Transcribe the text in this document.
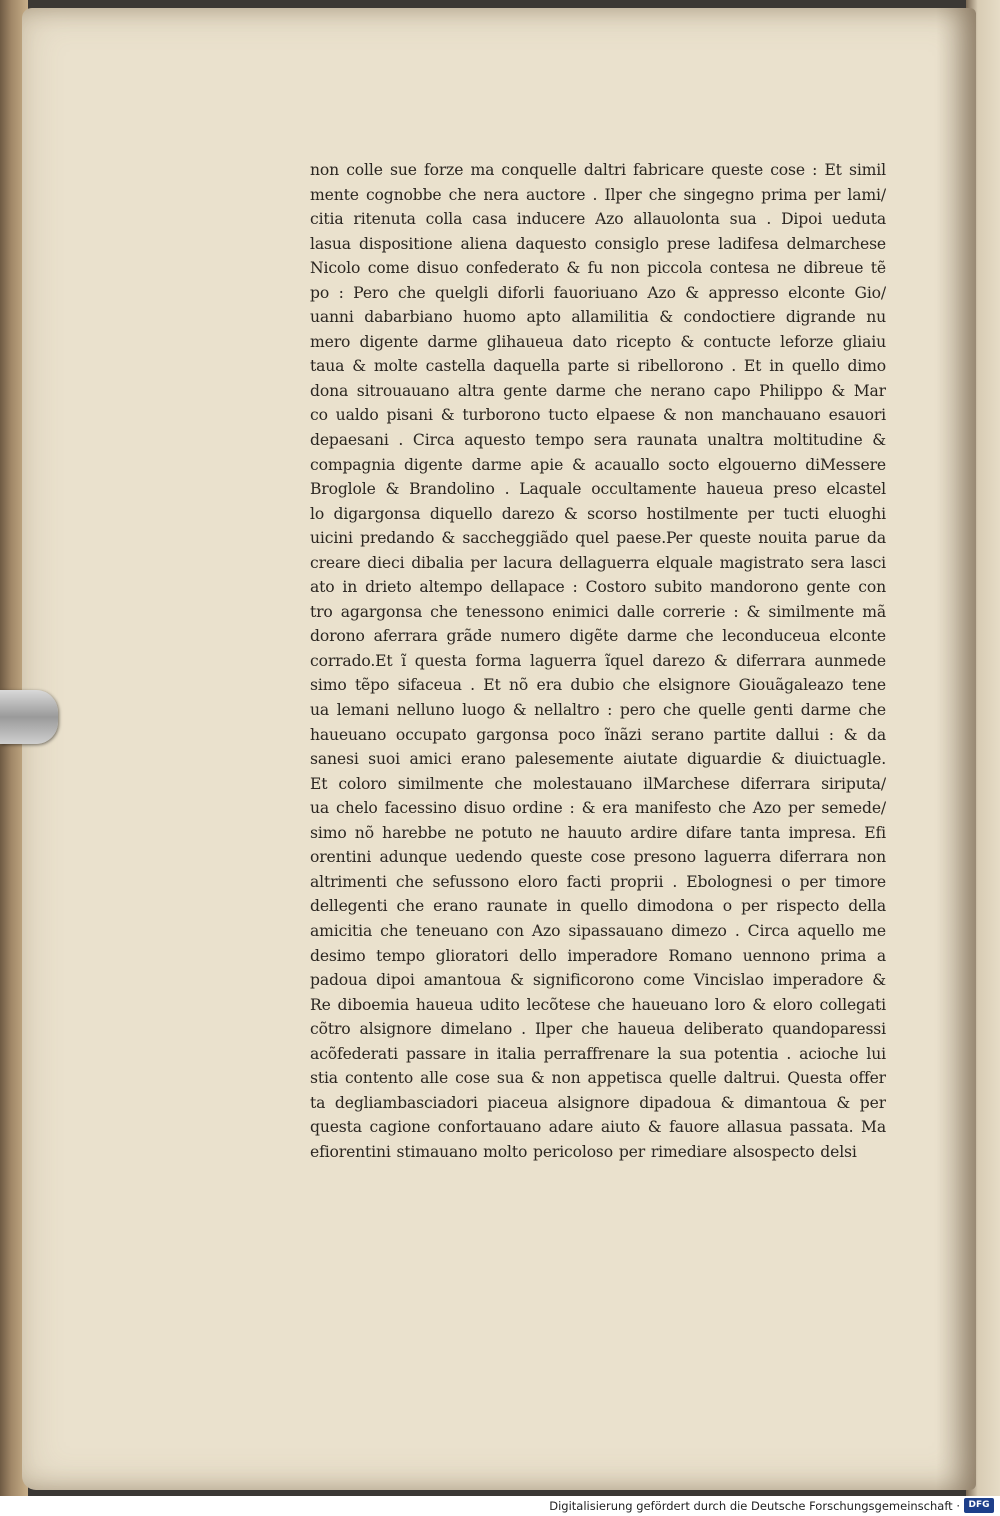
non colle sue forze ma conquelle daltri fabricare queste cose : Et simil
mente cognobbe che nera auctore . Ilper che singegno prima per lami/
citia ritenuta colla casa inducere Azo allauolonta sua . Dipoi ueduta
lasua dispositione aliena daquesto consiglo prese ladifesa delmarchese
Nicolo come disuo confederato & fu non piccola contesa ne dibreue tẽ
po : Pero che quelgli diforli fauoriuano Azo & appresso elconte Gio/
uanni dabarbiano huomo apto allamilitia & condoctiere digrande nu
mero digente darme glihaueua dato ricepto & contucte leforze gliaiu
taua & molte castella daquella parte si ribellorono . Et in quello dimo
dona sitrouauano altra gente darme che nerano capo Philippo & Mar
co ualdo pisani & turborono tucto elpaese & non manchauano esauori
depaesani . Circa aquesto tempo sera raunata unaltra moltitudine &
compagnia digente darme apie & acauallo socto elgouerno diMessere
Broglole & Brandolino . Laquale occultamente haueua preso elcastel
lo digargonsa diquello darezo & scorso hostilmente per tucti eluoghi
uicini predando & saccheggiãdo quel paese.Per queste nouita parue da
creare dieci dibalia per lacura dellaguerra elquale magistrato sera lasci
ato in drieto altempo dellapace : Costoro subito mandorono gente con
tro agargonsa che tenessono enimici dalle correrie : & similmente mã
dorono aferrara grãde numero digẽte darme che leconduceua elconte
corrado.Et ĩ questa forma laguerra ĩquel darezo & diferrara aunmede
simo tẽpo sifaceua . Et nõ era dubio che elsignore Giouãgaleazo tene
ua lemani nelluno luogo & nellaltro : pero che quelle genti darme che
haueuano occupato gargonsa poco ĩnãzi serano partite dallui : & da
sanesi suoi amici erano palesemente aiutate diguardie & diuictuagle.
Et coloro similmente che molestauano ilMarchese diferrara siriputa/
ua chelo facessino disuo ordine : & era manifesto che Azo per semede/
simo nõ harebbe ne potuto ne hauuto ardire difare tanta impresa. Efi
orentini adunque uedendo queste cose presono laguerra diferrara non
altrimenti che sefussono eloro facti proprii . Ebolognesi o per timore
dellegenti che erano raunate in quello dimodona o per rispecto della
amicitia che teneuano con Azo sipassauano dimezo . Circa aquello me
desimo tempo glioratori dello imperadore Romano uennono prima a
padoua dipoi amantoua & significorono come Vincislao imperadore &
Re diboemia haueua udito lecõtese che haueuano loro & eloro collegati
cõtro alsignore dimelano . Ilper che haueua deliberato quandoparessi
acõfederati passare in italia perraffrenare la sua potentia . acioche lui
stia contento alle cose sua & non appetisca quelle daltrui. Questa offer
ta degliambasciadori piaceua alsignore dipadoua & dimantoua & per
questa cagione confortauano adare aiuto & fauore allasua passata. Ma
efiorentini stimauano molto pericoloso per rimediare alsospecto delsi
Digitalisierung gefördert durch die Deutsche Forschungsgemeinschaft · DFG
